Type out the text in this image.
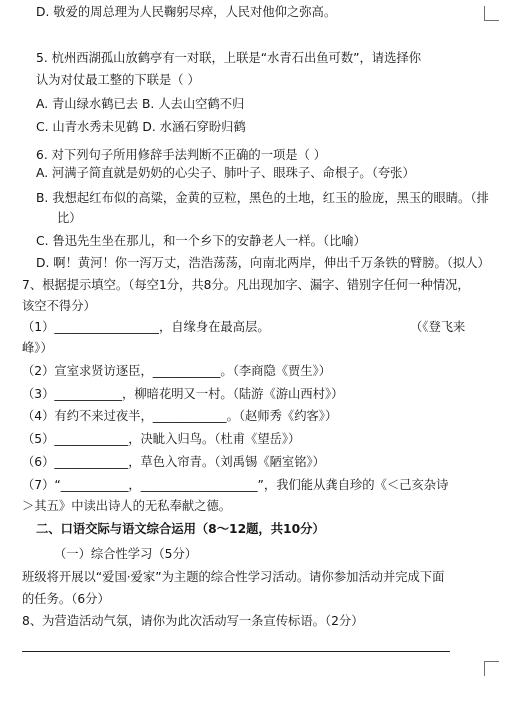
D. 敬爱的周总理为人民鞠躬尽瘁，人民对他仰之弥高。
5. 杭州西湖孤山放鹤亭有一对联，上联是“水青石出鱼可数”，请选择你
认为对仗最工整的下联是（ ）
A. 青山绿水鹤已去 B. 人去山空鹤不归
C. 山青水秀未见鹤 D. 水涵石穿盼归鹤
6. 对下列句子所用修辞手法判断不正确的一项是（ ）
A. 河满子简直就是奶奶的心尖子、肺叶子、眼珠子、命根子。（夸张）
B. 我想起红布似的高粱，金黄的豆粒，黑色的土地，红玉的脸庞，黑玉的眼睛。（排
比）
C. 鲁迅先生坐在那儿，和一个乡下的安静老人一样。（比喻）
D. 啊！黄河！你一泻万丈，浩浩荡荡，向南北两岸，伸出千万条铁的臂膀。（拟人）
7、根据提示填空。（每空1分，共8分。凡出现加字、漏字、错别字任何一种情况，
该空不得分）
（1）_________________，自缘身在最高层。	（《登飞来
峰》）
（2）宣室求贤访逐臣，___________。（李商隐《贾生》）
（3）___________，柳暗花明又一村。（陆游《游山西村》）
（4）有约不来过夜半，____________。（赵师秀《约客》）
（5）____________，决眦入归鸟。（杜甫《望岳》）
（6）____________，草色入帘青。（刘禹锡《陋室铭》）
（7）“___________，___________________”，我们能从龚自珍的《＜己亥杂诗
＞其五》中读出诗人的无私奉献之德。
二、口语交际与语文综合运用（8～12题，共10分）
（一）综合性学习（5分）
班级将开展以“爱国·爱家”为主题的综合性学习活动。请你参加活动并完成下面
的任务。（6分）
8、为营造活动气氛，请你为此次活动写一条宣传标语。（2分）
